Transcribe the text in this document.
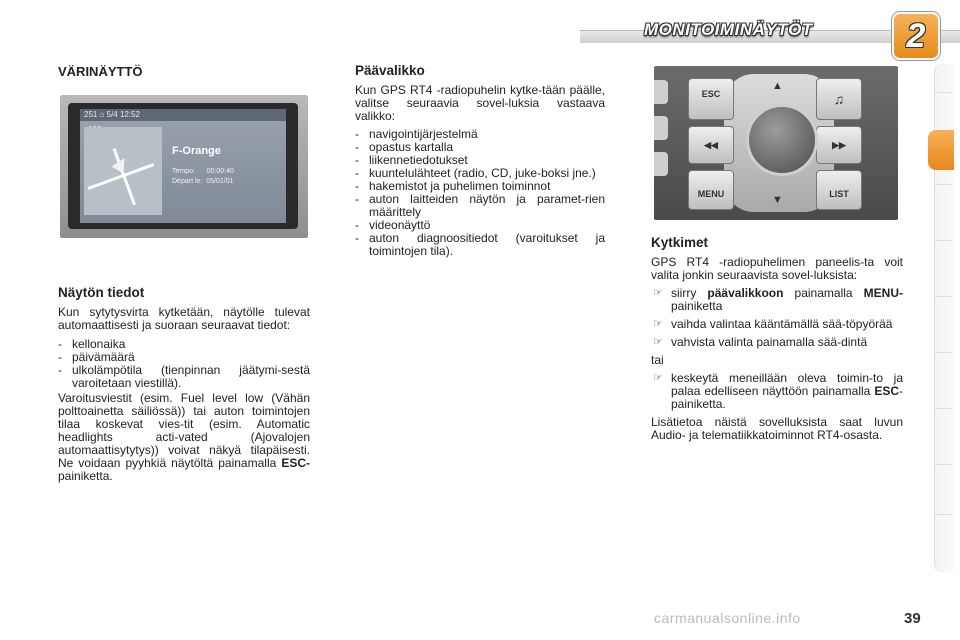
MONITOIMINÄYTÖT	2
VÄRINÄYTTÖ
251 ⌂ 5/4 12:52
F-Orange
Tempo:      00:00:40
Départ le:  05/01/01
Näytön tiedot

Kun sytytysvirta kytketään, näytölle tulevat automaattisesti ja suoraan seuraavat tiedot:

- kellonaika
- päivämäärä
- ulkolämpötila (tienpinnan jäätymi-sestä varoitetaan viestillä).

Varoitusviestit (esim. Fuel level low (Vähän polttoainetta säiliössä)) tai auton toimintojen tilaa koskevat vies-tit (esim. Automatic headlights acti-vated (Ajovalojen automaattisytytys)) voivat näkyä tilapäisesti. Ne voidaan pyyhkiä näytöltä painamalla ESC-painiketta.

Päävalikko

Kun GPS RT4 -radiopuhelin kytke-tään päälle, valitse seuraavia sovel-luksia vastaava valikko:

- navigointijärjestelmä
- opastus kartalla
- liikennetiedotukset
- kuuntelulähteet (radio, CD, juke-boksi jne.)
- hakemistot ja puhelimen toiminnot
- auton laitteiden näytön ja paramet-rien määrittely
- videonäyttö
- auton diagnoositiedot (varoitukset ja toimintojen tila).
ESC
MENU
♫
LIST
◀◀	▶▶
▲
▼
Kytkimet

GPS RT4 -radiopuhelimen paneelis-ta voit valita jonkin seuraavista sovel-luksista:

☞ siirry päävalikkoon painamalla MENU-painiketta
☞ vaihda valintaa kääntämällä sää-töpyörää
☞ vahvista valinta painamalla sää-dintä

tai

☞ keskeytä meneillään oleva toimin-to ja palaa edelliseen näyttöön painamalla ESC-painiketta.

Lisätietoa näistä sovelluksista saat luvun Audio- ja telematiikkatoiminnot RT4-osasta.

carmanualsonline.info	39
